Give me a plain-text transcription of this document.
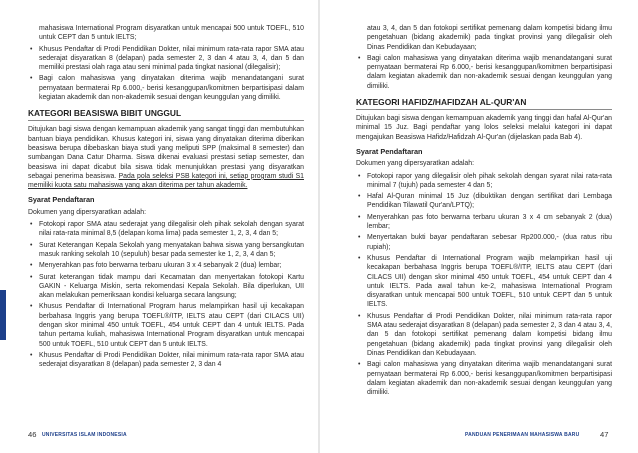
mahasiswa International Program disyaratkan untuk mencapai 500 untuk TOEFL, 510 untuk CEPT dan 5 untuk IELTS;
• Khusus Pendaftar di Prodi Pendidikan Dokter, nilai minimum rata-rata rapor SMA atau sederajat disyaratkan 8 (delapan) pada semester 2, 3 dan 4 atau 3, 4, dan 5 dan memiliki prestasi olah raga atau seni minimal pada tingkat nasional (dilegalisir);
• Bagi calon mahasiswa yang dinyatakan diterima wajib menandatangani surat pernyataan bermaterai Rp 6.000,- berisi kesanggupan/komitmen berpartisipasi dalam kegiatan akademik dan non-akademik sesuai dengan keunggulan yang dimiliki.
KATEGORI BEASISWA BIBIT UNGGUL
Ditujukan bagi siswa dengan kemampuan akademik yang sangat tinggi dan membutuhkan bantuan biaya pendidikan. Khusus kategori ini, siswa yang dinyatakan diterima diberikan beasiswa berupa dibebaskan biaya studi yang meliputi SPP (maksimal 8 semester) dan sumbangan Dana Catur Dharma. Siswa dikenai evaluasi prestasi setiap semester, dan beasiswa ini dapat dicabut bila siswa tidak menunjukkan prestasi yang disyaratkan sebagai penerima beasiswa. Pada pola seleksi PSB kategori ini, setiap program studi S1 memiliki kuota satu mahasiswa yang akan diterima per tahun akademik.
Syarat Pendaftaran
Dokumen yang dipersyaratkan adalah:
• Fotokopi rapor SMA atau sederajat yang dilegalisir oleh pihak sekolah dengan syarat nilai rata-rata minimal 8,5 (delapan koma lima) pada semester 1, 2, 3, 4 dan 5;
• Surat Keterangan Kepala Sekolah yang menyatakan bahwa siswa yang bersangkutan masuk ranking sekolah 10 (sepuluh) besar pada semester ke 1, 2, 3, 4 dan 5;
• Menyerahkan pas foto berwarna terbaru ukuran 3 x 4 sebanyak 2 (dua) lembar;
• Surat keterangan tidak mampu dari Kecamatan dan menyertakan fotokopi Kartu GAKIN - Keluarga Miskin, serta rekomendasi Kepala Sekolah. Bila diperlukan, UII akan melakukan pemeriksaan kondisi keluarga secara langsung;
• Khusus Pendaftar di International Program harus melampirkan hasil uji kecakapan berbahasa Inggris yang berupa TOEFL®/ITP, IELTS atau CEPT (dari CILACS UII) dengan skor minimal 450 untuk TOEFL, 454 untuk CEPT dan 4 untuk IELTS. Pada tahun pertama kuliah, mahasiswa International Program disyaratkan untuk mencapai 500 untuk TOEFL, 510 untuk CEPT dan 5 untuk IELTS.
• Khusus Pendaftar di Prodi Pendidikan Dokter, nilai minimum rata-rata rapor SMA atau sederajat disyaratkan 8 (delapan) pada semester 2, 3 dan 4
46 UNIVERSITAS ISLAM INDONESIA
atau 3, 4, dan 5 dan fotokopi sertifikat pemenang dalam kompetisi bidang ilmu pengetahuan (bidang akademik) pada tingkat provinsi yang dilegalisir oleh Dinas Pendidikan dan Kebudayaan;
• Bagi calon mahasiswa yang dinyatakan diterima wajib menandatangani surat pernyataan bermaterai Rp 6.000,- berisi kesanggupan/komitmen berpartisipasi dalam kegiatan akademik dan non-akademik sesuai dengan keunggulan yang dimiliki.
KATEGORI HAFIDZ/HAFIDZAH AL-QUR'AN
Ditujukan bagi siswa dengan kemampuan akademik yang tinggi dan hafal Al-Qur'an minimal 15 Juz. Bagi pendaftar yang lolos seleksi melalui kategori ini dapat mengajukan Beasiswa Hafidz/Hafidzah Al-Qur'an (dijelaskan pada Bab 4).
Syarat Pendaftaran
Dokumen yang dipersyaratkan adalah:
• Fotokopi rapor yang dilegalisir oleh pihak sekolah dengan syarat nilai rata-rata minimal 7 (tujuh) pada semester 4 dan 5;
• Hafal Al-Quran minimal 15 Juz (dibuktikan dengan sertifikat dari Lembaga Pendidikan Tilawatil Qur'an/LPTQ);
• Menyerahkan pas foto berwarna terbaru ukuran 3 x 4 cm sebanyak 2 (dua) lembar;
• Menyertakan bukti bayar pendaftaran sebesar Rp200.000,- (dua ratus ribu rupiah);
• Khusus Pendaftar di International Program wajib melampirkan hasil uji kecakapan berbahasa Inggris berupa TOEFL®/ITP, IELTS atau CEPT (dari CILACS UII) dengan skor minimal 450 untuk TOEFL, 454 untuk CEPT dan 4 untuk IELTS. Pada awal tahun ke-2, mahasiswa International Program disyaratkan untuk mencapai 500 untuk TOEFL, 510 untuk CEPT dan 5 untuk IELTS.
• Khusus Pendaftar di Prodi Pendidikan Dokter, nilai minimum rata-rata rapor SMA atau sederajat disyaratkan 8 (delapan) pada semester 2, 3 dan 4 atau 3, 4, dan 5 dan fotokopi sertifikat pemenang dalam kompetisi bidang ilmu pengetahuan (bidang akademik) pada tingkat provinsi yang dilegalisir oleh Dinas Pendidikan dan Kebudayaan.
• Bagi calon mahasiswa yang dinyatakan diterima wajib menandatangani surat pernyataan bermaterai Rp 6.000,- berisi kesanggupan/komitmen berpartisipasi dalam kegiatan akademik dan non-akademik sesuai dengan keunggulan yang dimiliki.
PANDUAN PENERIMAAN MAHASISWA BARU	47
